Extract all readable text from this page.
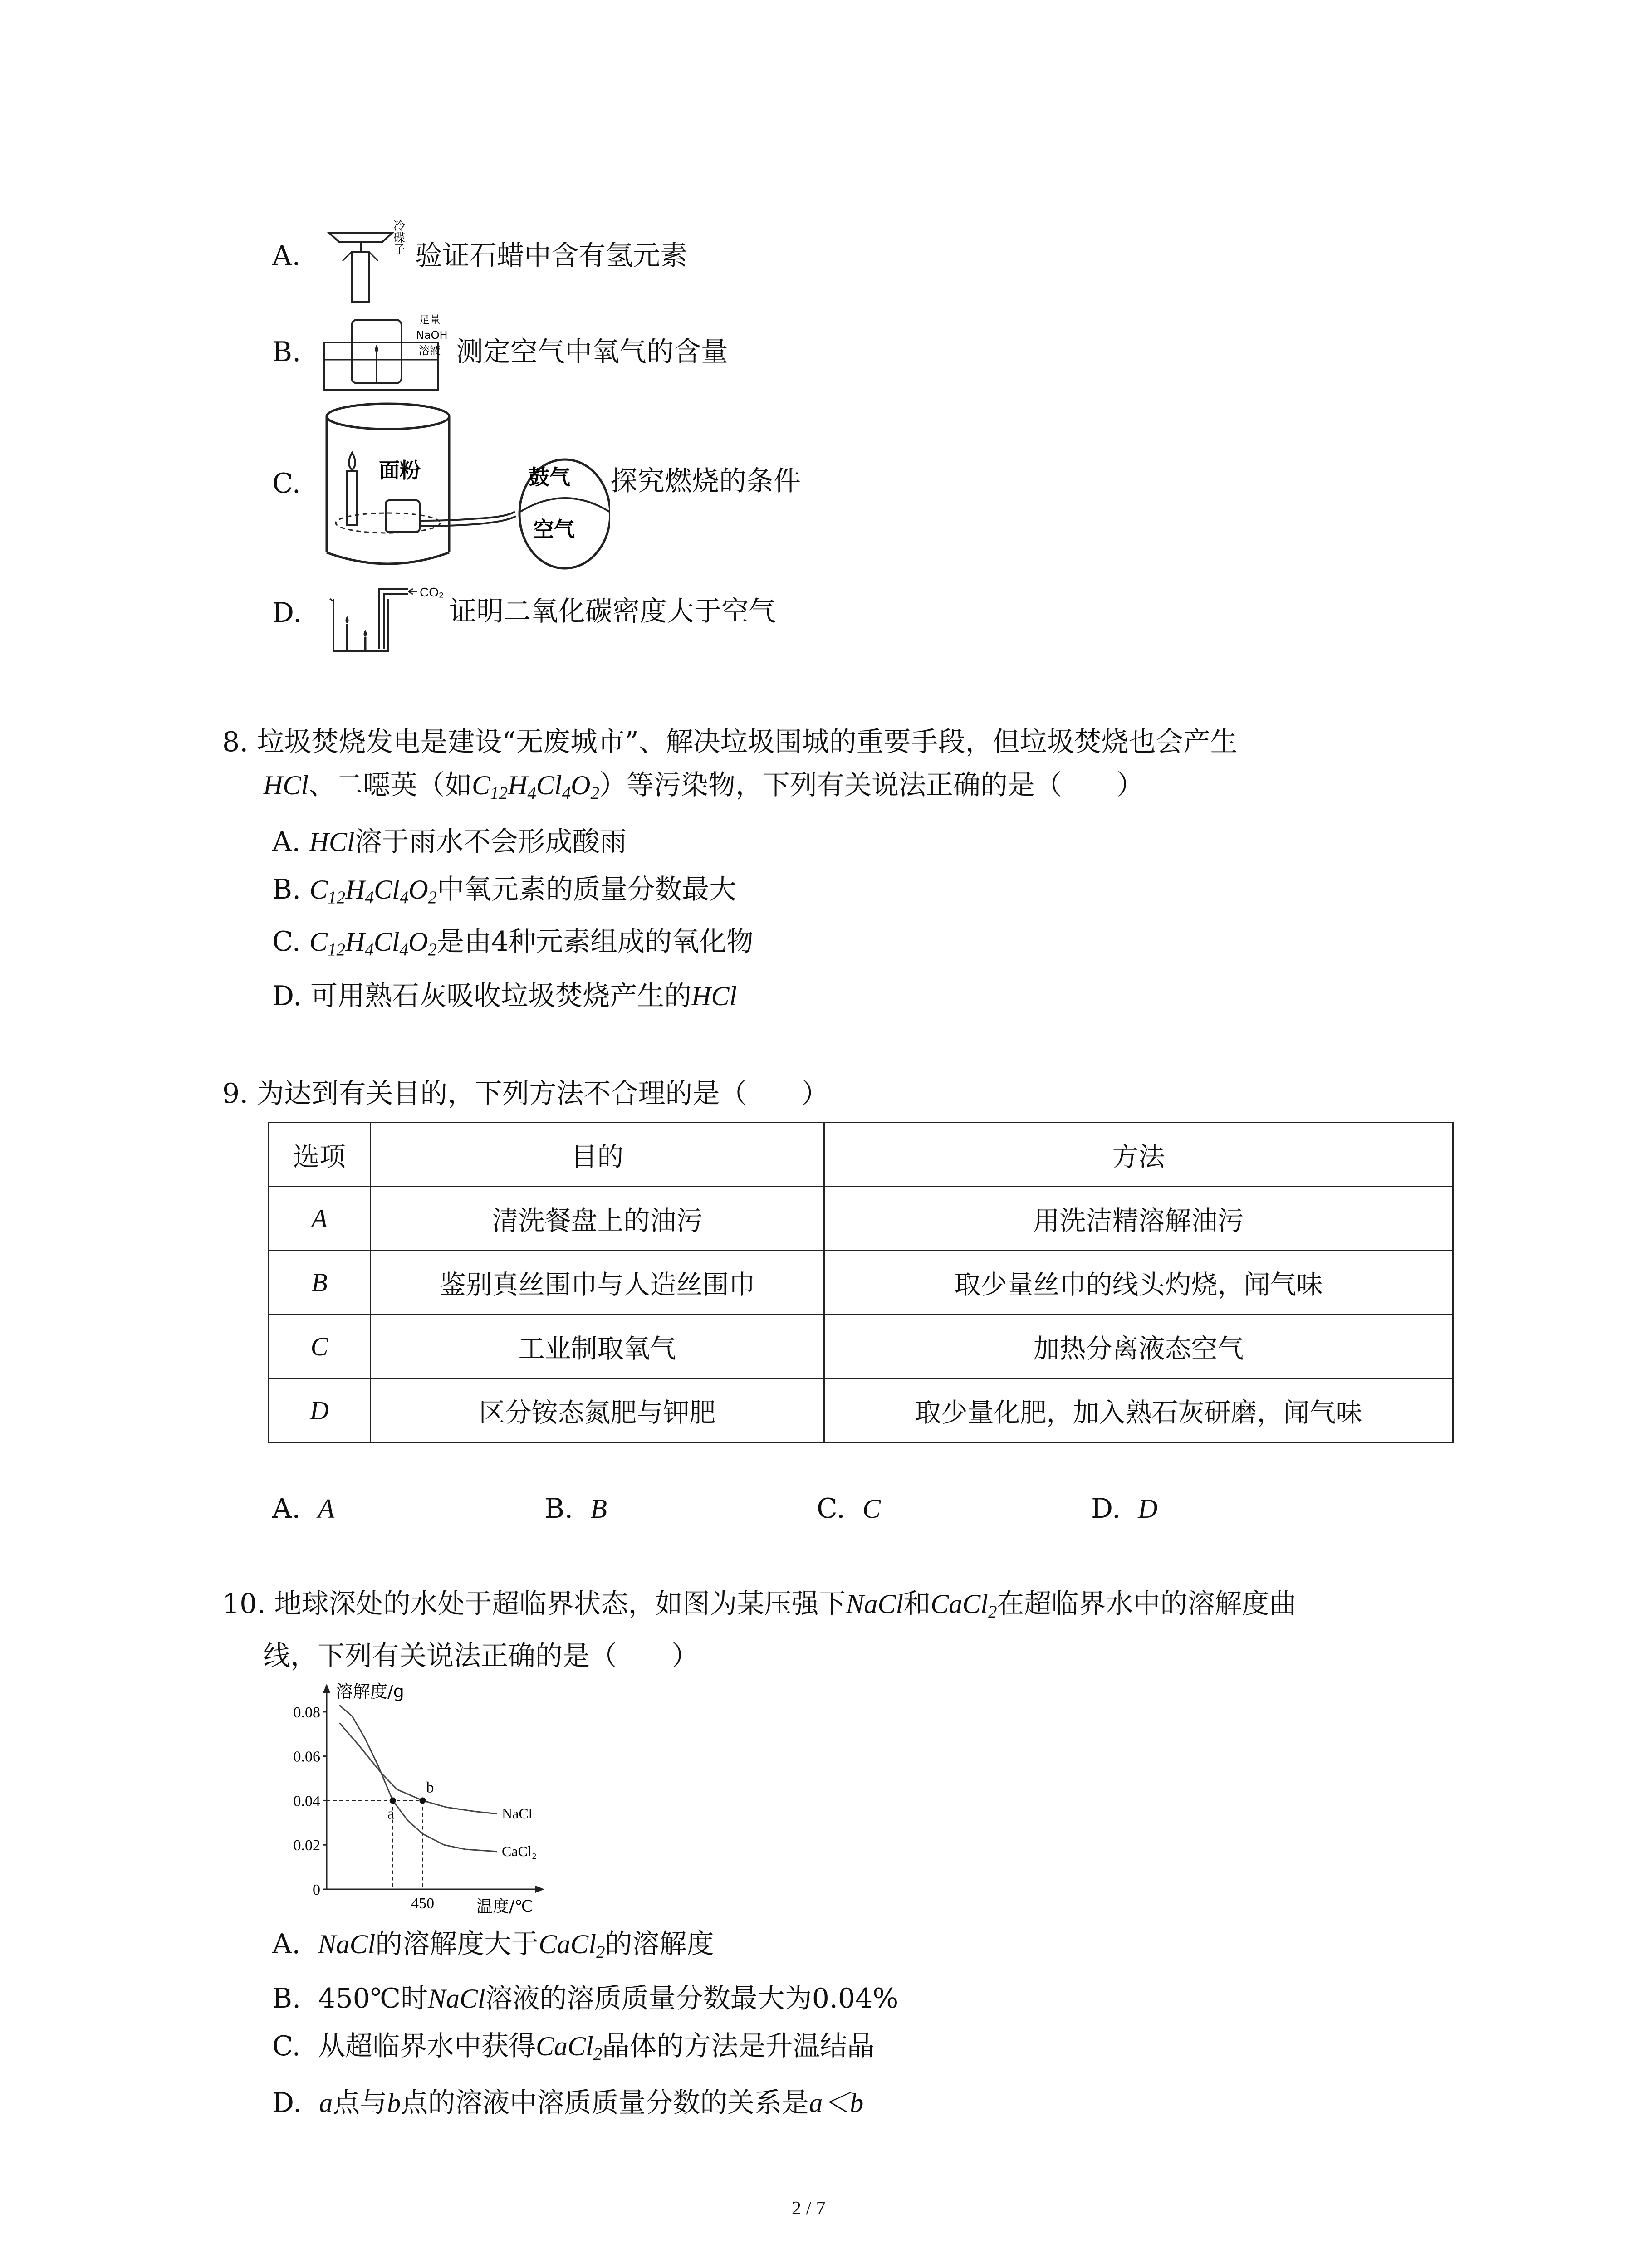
A.
冷
碟
子 验证石蜡中含有氢元素
B.
足量
NaOH
溶液 测定空气中氧气的含量
C.	面粉	鼓气
空气
探究燃烧的条件
D.
CO₂
证明二氧化碳密度大于空气
8. 垃圾焚烧发电是建设“无废城市”、解决垃圾围城的重要手段，但垃圾焚烧也会产生
HCl、二噁英（如$C_{12}H_4Cl_4O_2$）等污染物，下列有关说法正确的是（　　）
A. HCl溶于雨水不会形成酸雨
B. $C_{12}H_4Cl_4O_2$中氧元素的质量分数最大
C. $C_{12}H_4Cl_4O_2$是由4种元素组成的氧化物
D. 可用熟石灰吸收垃圾焚烧产生的HCl
9. 为达到有关目的，下列方法不合理的是（　　）
选项	目的	方法
A	清洗餐盘上的油污	用洗洁精溶解油污
B	鉴别真丝围巾与人造丝围巾	取少量丝巾的线头灼烧，闻气味
C	工业制取氧气	加热分离液态空气
D	区分铵态氮肥与钾肥	取少量化肥，加入熟石灰研磨，闻气味
A. A	B. B	C. C	D. D
10. 地球深处的水处于超临界状态，如图为某压强下NaCl和CaCl$_2$在超临界水中的溶解度曲
线，下列有关说法正确的是（　　）
溶解度/g
温度/℃
0
0.02
0.04
0.06
0.08
450
NaCl
CaCl₂
a
b
A. NaCl的溶解度大于CaCl$_2$的溶解度
B. 450℃时NaCl溶液的溶质质量分数最大为0.04%
C. 从超临界水中获得CaCl$_2$晶体的方法是升温结晶
D. a点与b点的溶液中溶质质量分数的关系是a＜b
2 / 7
